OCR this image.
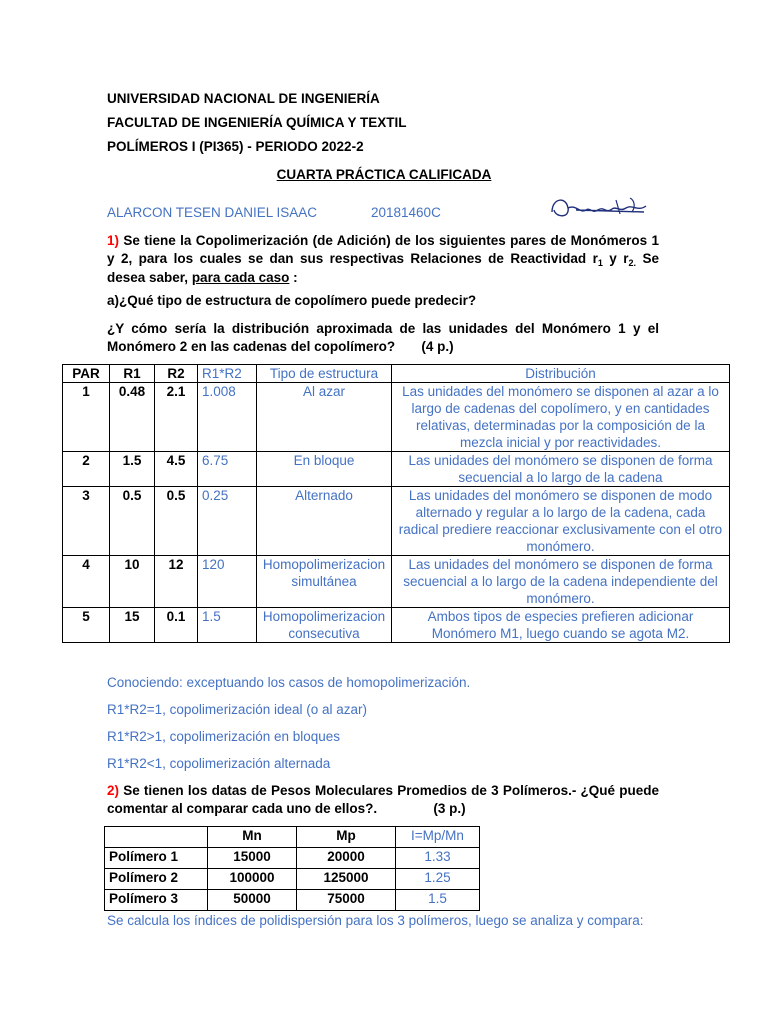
UNIVERSIDAD NACIONAL DE INGENIERÍA
FACULTAD DE INGENIERÍA QUÍMICA Y TEXTIL
POLÍMEROS I (PI365) - PERIODO 2022-2
CUARTA PRÁCTICA CALIFICADA
ALARCON TESEN DANIEL ISAAC	20181460C
1) Se tiene la Copolimerización (de Adición) de los siguientes pares de Monómeros 1 y 2, para los cuales se dan sus respectivas Relaciones de Reactividad $r_1$ y $r_{2.}$ Se desea saber, para cada caso :
a)¿Qué tipo de estructura de copolímero puede predecir?
¿Y cómo sería la distribución aproximada de las unidades del Monómero 1 y el Monómero 2 en las cadenas del copolímero? (4 p.)
PAR	R1	R2	R1*R2	Tipo de estructura	Distribución
1	0.48	2.1	1.008	Al azar	Las unidades del monómero se disponen al azar a lo largo de cadenas del copolímero, y en cantidades relativas, determinadas por la composición de la mezcla inicial y por reactividades.
2	1.5	4.5	6.75	En bloque	Las unidades del monómero se disponen de forma secuencial a lo largo de la cadena
3	0.5	0.5	0.25	Alternado	Las unidades del monómero se disponen de modo alternado y regular a lo largo de la cadena, cada radical prediere reaccionar exclusivamente con el otro monómero.
4	10	12	120	Homopolimerizacion simultánea	Las unidades del monómero se disponen de forma secuencial a lo largo de la cadena independiente del monómero.
5	15	0.1	1.5	Homopolimerizacion consecutiva	Ambos tipos de especies prefieren adicionar Monómero M1, luego cuando se agota M2.
Conociendo: exceptuando los casos de homopolimerización.
R1*R2=1, copolimerización ideal (o al azar)
R1*R2>1, copolimerización en bloques
R1*R2<1, copolimerización alternada
2) Se tienen los datas de Pesos Moleculares Promedios de 3 Polímeros.- ¿Qué puede comentar al comparar cada uno de ellos?.	(3 p.)
	Mn	Mp	I=Mp/Mn
Polímero 1	15000	20000	1.33
Polímero 2	100000	125000	1.25
Polímero 3	50000	75000	1.5
Se calcula los índices de polidispersión para los 3 polímeros, luego se analiza y compara:
